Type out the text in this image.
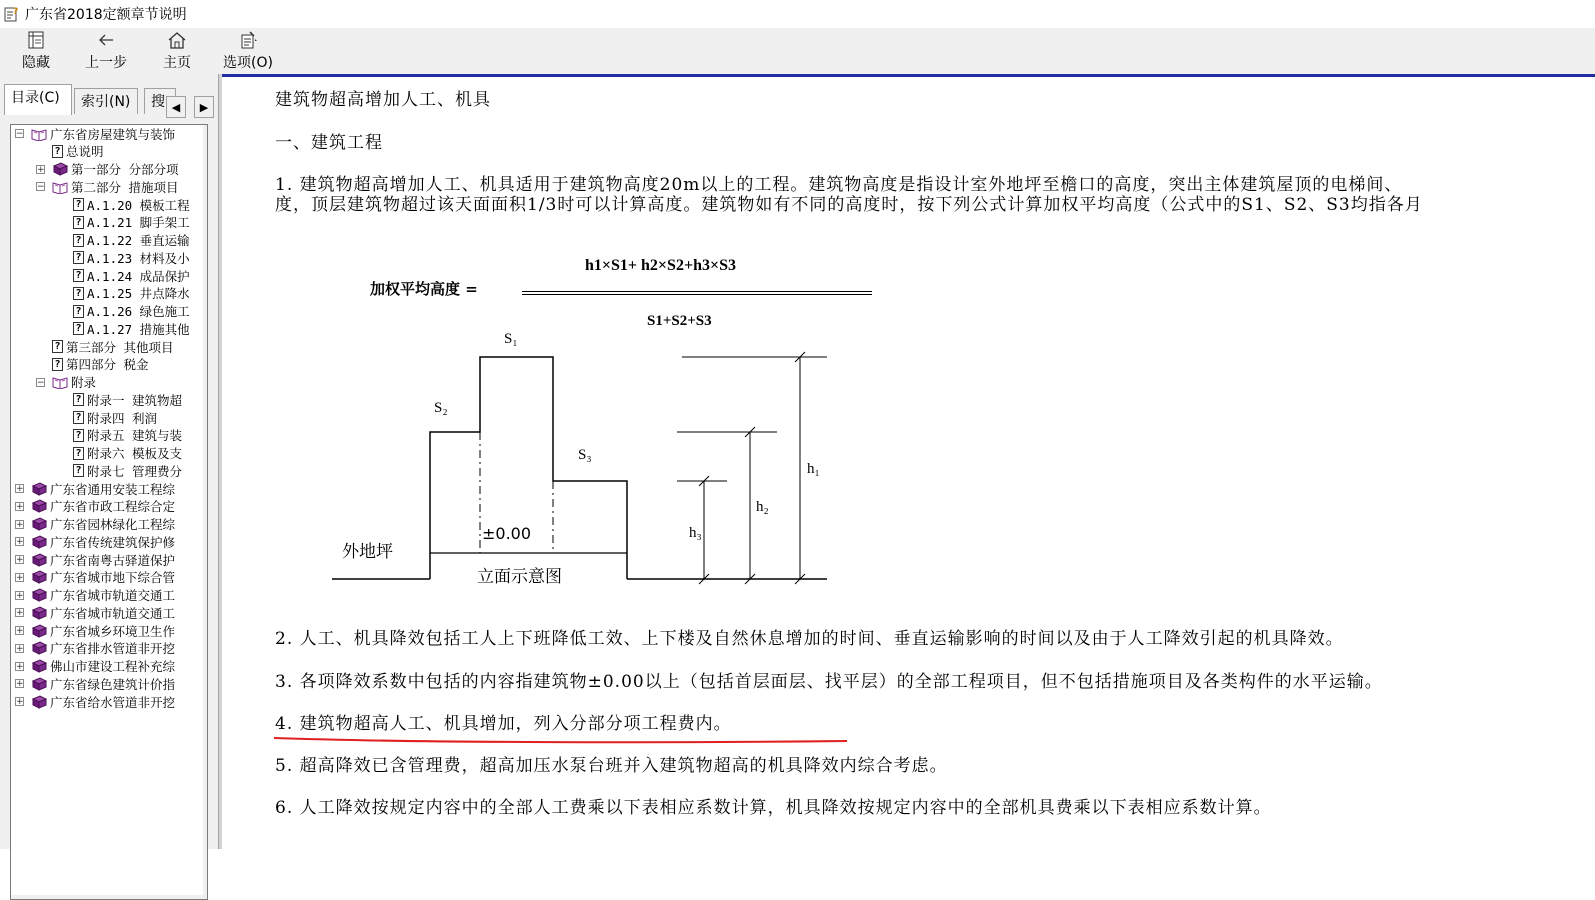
? 广东省2018定额章节说明
隐藏	上一步	主页	选项(O)
目录(C)	索引(N)	搜 ◀	▶
− 广东省房屋建筑与装饰
? 总说明
+ 第一部分 分部分项
− 第二部分 措施项目
? A.1.20 模板工程
? A.1.21 脚手架工
? A.1.22 垂直运输
? A.1.23 材料及小
? A.1.24 成品保护
? A.1.25 井点降水
? A.1.26 绿色施工
? A.1.27 措施其他
? 第三部分 其他项目
? 第四部分 税金
− 附录
? 附录一 建筑物超
? 附录四 利润
? 附录五 建筑与装
? 附录六 模板及支
? 附录七 管理费分
+ 广东省通用安装工程综
+ 广东省市政工程综合定
+ 广东省园林绿化工程综
+ 广东省传统建筑保护修
+ 广东省南粤古驿道保护
+ 广东省城市地下综合管
+ 广东省城市轨道交通工
+ 广东省城市轨道交通工
+ 广东省城乡环境卫生作
+ 广东省排水管道非开挖
+ 佛山市建设工程补充综
+ 广东省绿色建筑计价指
+ 广东省给水管道非开挖
建筑物超高增加人工、机具
一、建筑工程
1. 建筑物超高增加人工、机具适用于建筑物高度20m以上的工程。建筑物高度是指设计室外地坪至檐口的高度，突出主体建筑屋顶的电梯间、
度，顶层建筑物超过该天面面积1/3时可以计算高度。建筑物如有不同的高度时，按下列公式计算加权平均高度（公式中的S1、S2、S3均指各月
加权平均高度 =
h1×S1+ h2×S2+h3×S3
S1+S2+S3
S₁
S₂
S₃
h₁
h₂
h₃
±0.00
外地坪
立面示意图
2. 人工、机具降效包括工人上下班降低工效、上下楼及自然休息增加的时间、垂直运输影响的时间以及由于人工降效引起的机具降效。
3. 各项降效系数中包括的内容指建筑物±0.00以上（包括首层面层、找平层）的全部工程项目，但不包括措施项目及各类构件的水平运输。
4. 建筑物超高人工、机具增加，列入分部分项工程费内。
5. 超高降效已含管理费，超高加压水泵台班并入建筑物超高的机具降效内综合考虑。
6. 人工降效按规定内容中的全部人工费乘以下表相应系数计算，机具降效按规定内容中的全部机具费乘以下表相应系数计算。
